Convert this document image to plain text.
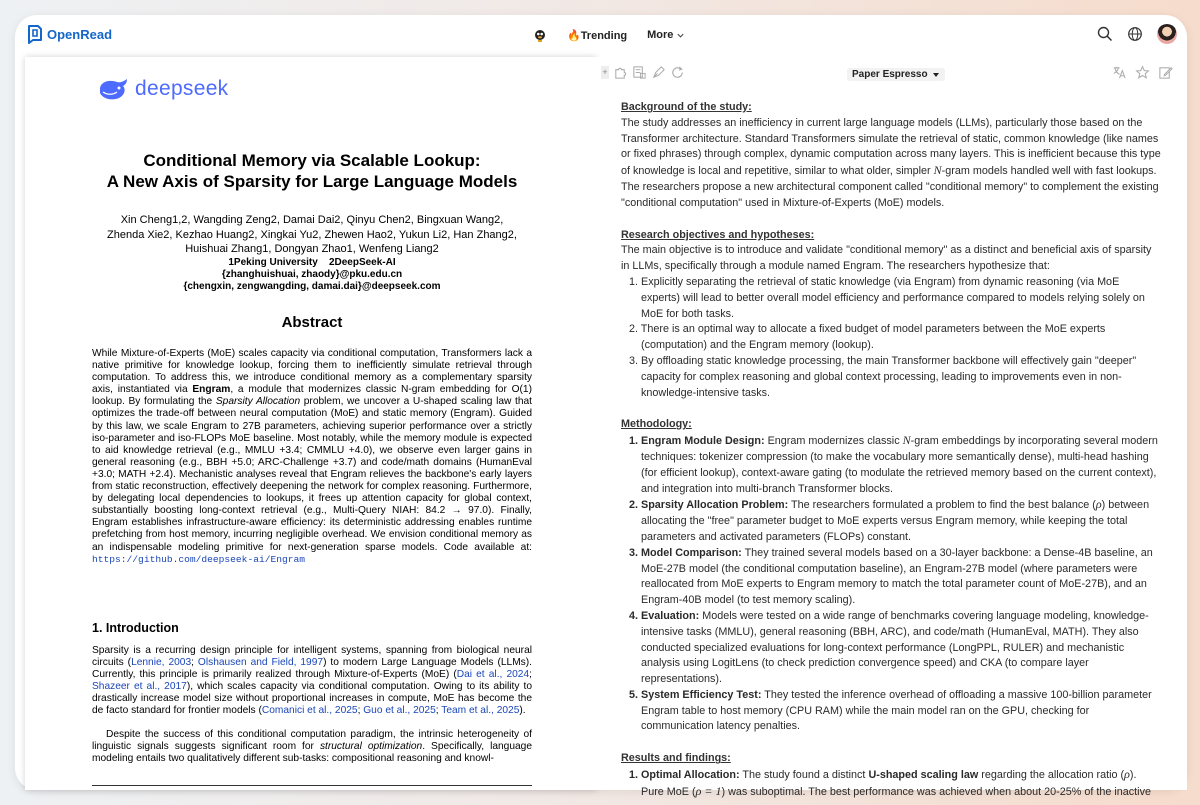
OpenRead	🔥Trending More
deepseek
Conditional Memory via Scalable Lookup:
A New Axis of Sparsity for Large Language Models
Xin Cheng1,2, Wangding Zeng2, Damai Dai2, Qinyu Chen2, Bingxuan Wang2,
Zhenda Xie2, Kezhao Huang2, Xingkai Yu2, Zhewen Hao2, Yukun Li2, Han Zhang2,
Huishuai Zhang1, Dongyan Zhao1, Wenfeng Liang2
1Peking University    2DeepSeek-AI
{zhanghuishuai, zhaody}@pku.edu.cn
{chengxin, zengwangding, damai.dai}@deepseek.com
Abstract
While Mixture-of-Experts (MoE) scales capacity via conditional computation, Transformers lack a native primitive for knowledge lookup, forcing them to inefficiently simulate retrieval through computation. To address this, we introduce conditional memory as a complementary sparsity axis, instantiated via Engram, a module that modernizes classic N-gram embedding for O(1) lookup. By formulating the Sparsity Allocation problem, we uncover a U-shaped scaling law that optimizes the trade-off between neural computation (MoE) and static memory (Engram). Guided by this law, we scale Engram to 27B parameters, achieving superior performance over a strictly iso-parameter and iso-FLOPs MoE baseline. Most notably, while the memory module is expected to aid knowledge retrieval (e.g., MMLU +3.4; CMMLU +4.0), we observe even larger gains in general reasoning (e.g., BBH +5.0; ARC-Challenge +3.7) and code/math domains (HumanEval +3.0; MATH +2.4). Mechanistic analyses reveal that Engram relieves the backbone's early layers from static reconstruction, effectively deepening the network for complex reasoning. Furthermore, by delegating local dependencies to lookups, it frees up attention capacity for global context, substantially boosting long-context retrieval (e.g., Multi-Query NIAH: 84.2 → 97.0). Finally, Engram establishes infrastructure-aware efficiency: its deterministic addressing enables runtime prefetching from host memory, incurring negligible overhead. We envision conditional memory as an indispensable modeling primitive for next-generation sparse models. Code available at: https://github.com/deepseek-ai/Engram
1. Introduction
Sparsity is a recurring design principle for intelligent systems, spanning from biological neural circuits (Lennie, 2003; Olshausen and Field, 1997) to modern Large Language Models (LLMs). Currently, this principle is primarily realized through Mixture-of-Experts (MoE) (Dai et al., 2024; Shazeer et al., 2017), which scales capacity via conditional computation. Owing to its ability to drastically increase model size without proportional increases in compute, MoE has become the de facto standard for frontier models (Comanici et al., 2025; Guo et al., 2025; Team et al., 2025).
Despite the success of this conditional computation paradigm, the intrinsic heterogeneity of linguistic signals suggests significant room for structural optimization. Specifically, language modeling entails two qualitatively different sub-tasks: compositional reasoning and knowl-
+	Paper Espresso

Background of the study:

The study addresses an inefficiency in current large language models (LLMs), particularly those based on the Transformer architecture. Standard Transformers simulate the retrieval of static, common knowledge (like names or fixed phrases) through complex, dynamic computation across many layers. This is inefficient because this type of knowledge is local and repetitive, similar to what older, simpler N-gram models handled well with fast lookups. The researchers propose a new architectural component called "conditional memory" to complement the existing "conditional computation" used in Mixture-of-Experts (MoE) models.

Research objectives and hypotheses:

The main objective is to introduce and validate "conditional memory" as a distinct and beneficial axis of sparsity in LLMs, specifically through a module named Engram. The researchers hypothesize that:

1. Explicitly separating the retrieval of static knowledge (via Engram) from dynamic reasoning (via MoE experts) will lead to better overall model efficiency and performance compared to models relying solely on MoE for both tasks.
2. There is an optimal way to allocate a fixed budget of model parameters between the MoE experts (computation) and the Engram memory (lookup).
3. By offloading static knowledge processing, the main Transformer backbone will effectively gain "deeper" capacity for complex reasoning and global context processing, leading to improvements even in non-knowledge-intensive tasks.

Methodology:

1. Engram Module Design: Engram modernizes classic N-gram embeddings by incorporating several modern techniques: tokenizer compression (to make the vocabulary more semantically dense), multi-head hashing (for efficient lookup), context-aware gating (to modulate the retrieved memory based on the current context), and integration into multi-branch Transformer blocks.
2. Sparsity Allocation Problem: The researchers formulated a problem to find the best balance (ρ) between allocating the "free" parameter budget to MoE experts versus Engram memory, while keeping the total parameters and activated parameters (FLOPs) constant.
3. Model Comparison: They trained several models based on a 30-layer backbone: a Dense-4B baseline, an MoE-27B model (the conditional computation baseline), an Engram-27B model (where parameters were reallocated from MoE experts to Engram memory to match the total parameter count of MoE-27B), and an Engram-40B model (to test memory scaling).
4. Evaluation: Models were tested on a wide range of benchmarks covering language modeling, knowledge-intensive tasks (MMLU), general reasoning (BBH, ARC), and code/math (HumanEval, MATH). They also conducted specialized evaluations for long-context performance (LongPPL, RULER) and mechanistic analysis using LogitLens (to check prediction convergence speed) and CKA (to compare layer representations).
5. System Efficiency Test: They tested the inference overhead of offloading a massive 100-billion parameter Engram table to host memory (CPU RAM) while the main model ran on the GPU, checking for communication latency penalties.

Results and findings:

1. Optimal Allocation: The study found a distinct U-shaped scaling law regarding the allocation ratio (ρ). Pure MoE (ρ = 1) was suboptimal. The best performance was achieved when about 20-25% of the inactive
